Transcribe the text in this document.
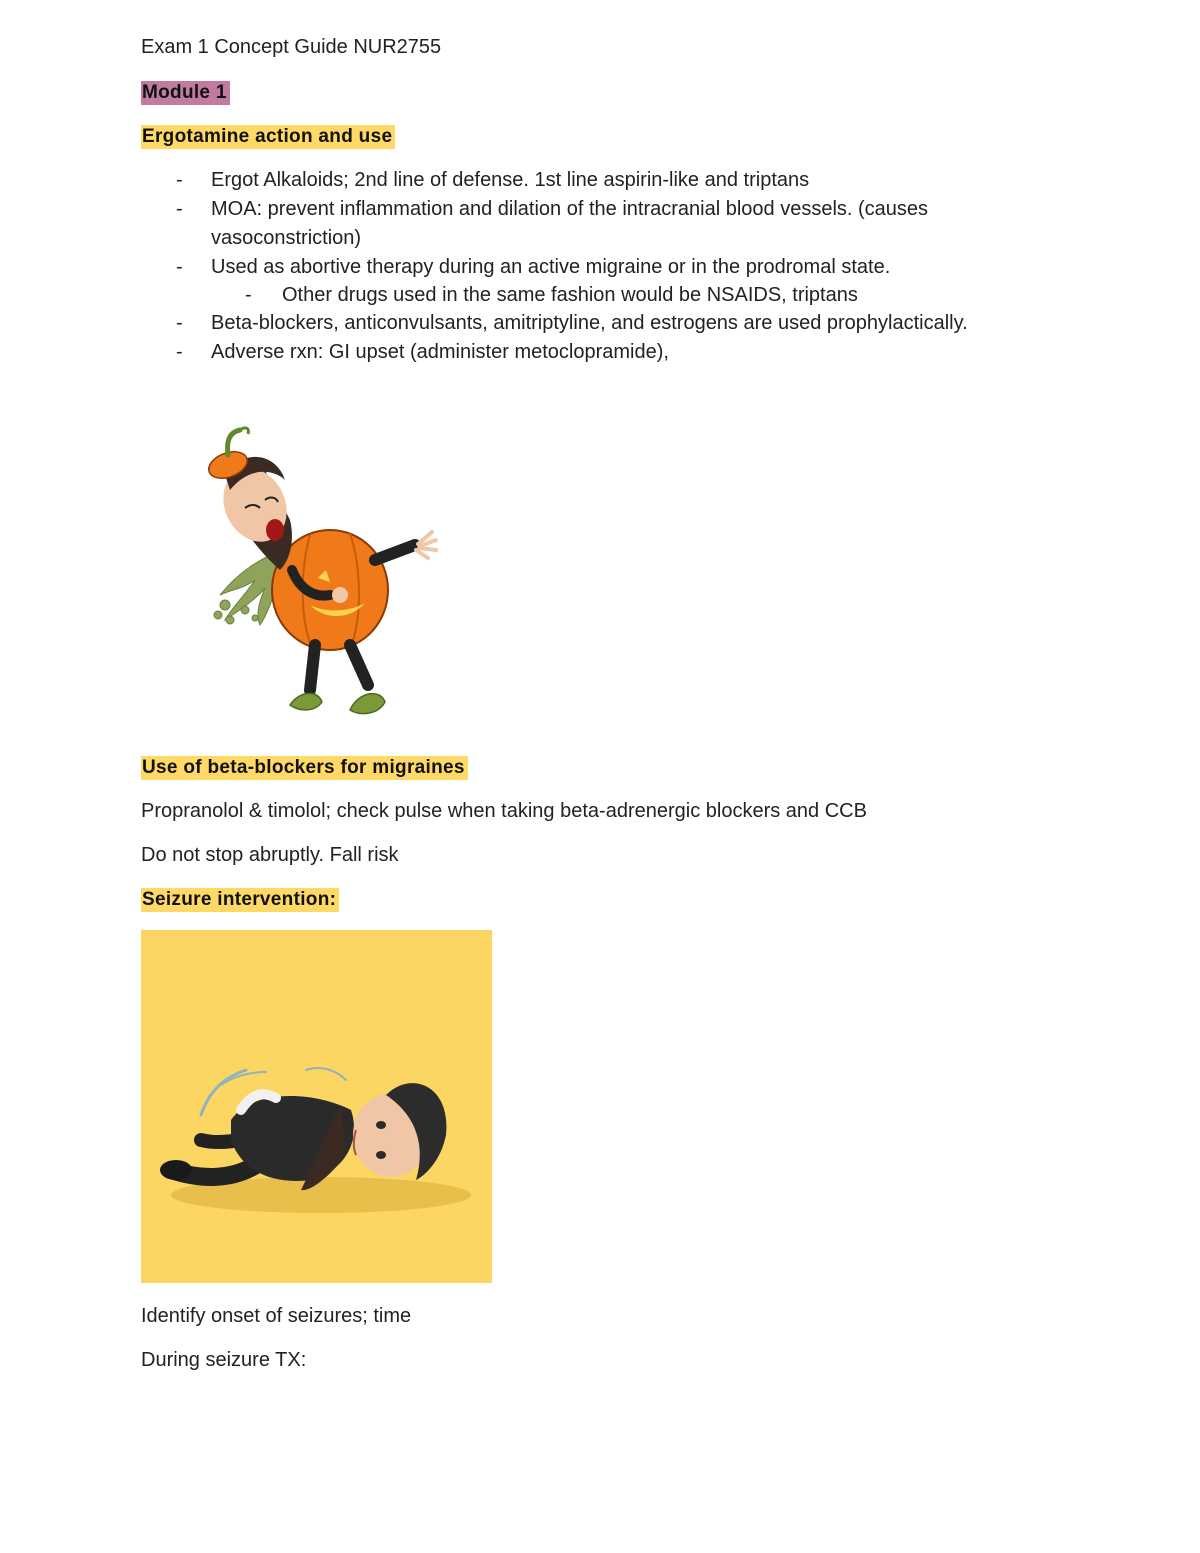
Exam 1 Concept Guide NUR2755
Module 1
Ergotamine action and use
- Ergot Alkaloids; 2nd line of defense. 1st line aspirin-like and triptans
- MOA: prevent inflammation and dilation of the intracranial blood vessels. (causes
vasoconstriction)
- Used as abortive therapy during an active migraine or in the prodromal state.
- Other drugs used in the same fashion would be NSAIDS, triptans
- Beta-blockers, anticonvulsants, amitriptyline, and estrogens are used prophylactically.
- Adverse rxn: GI upset (administer metoclopramide),
Use of beta-blockers for migraines
Propranolol & timolol; check pulse when taking beta-adrenergic blockers and CCB
Do not stop abruptly. Fall risk
Seizure intervention:
Identify onset of seizures; time
During seizure TX:
